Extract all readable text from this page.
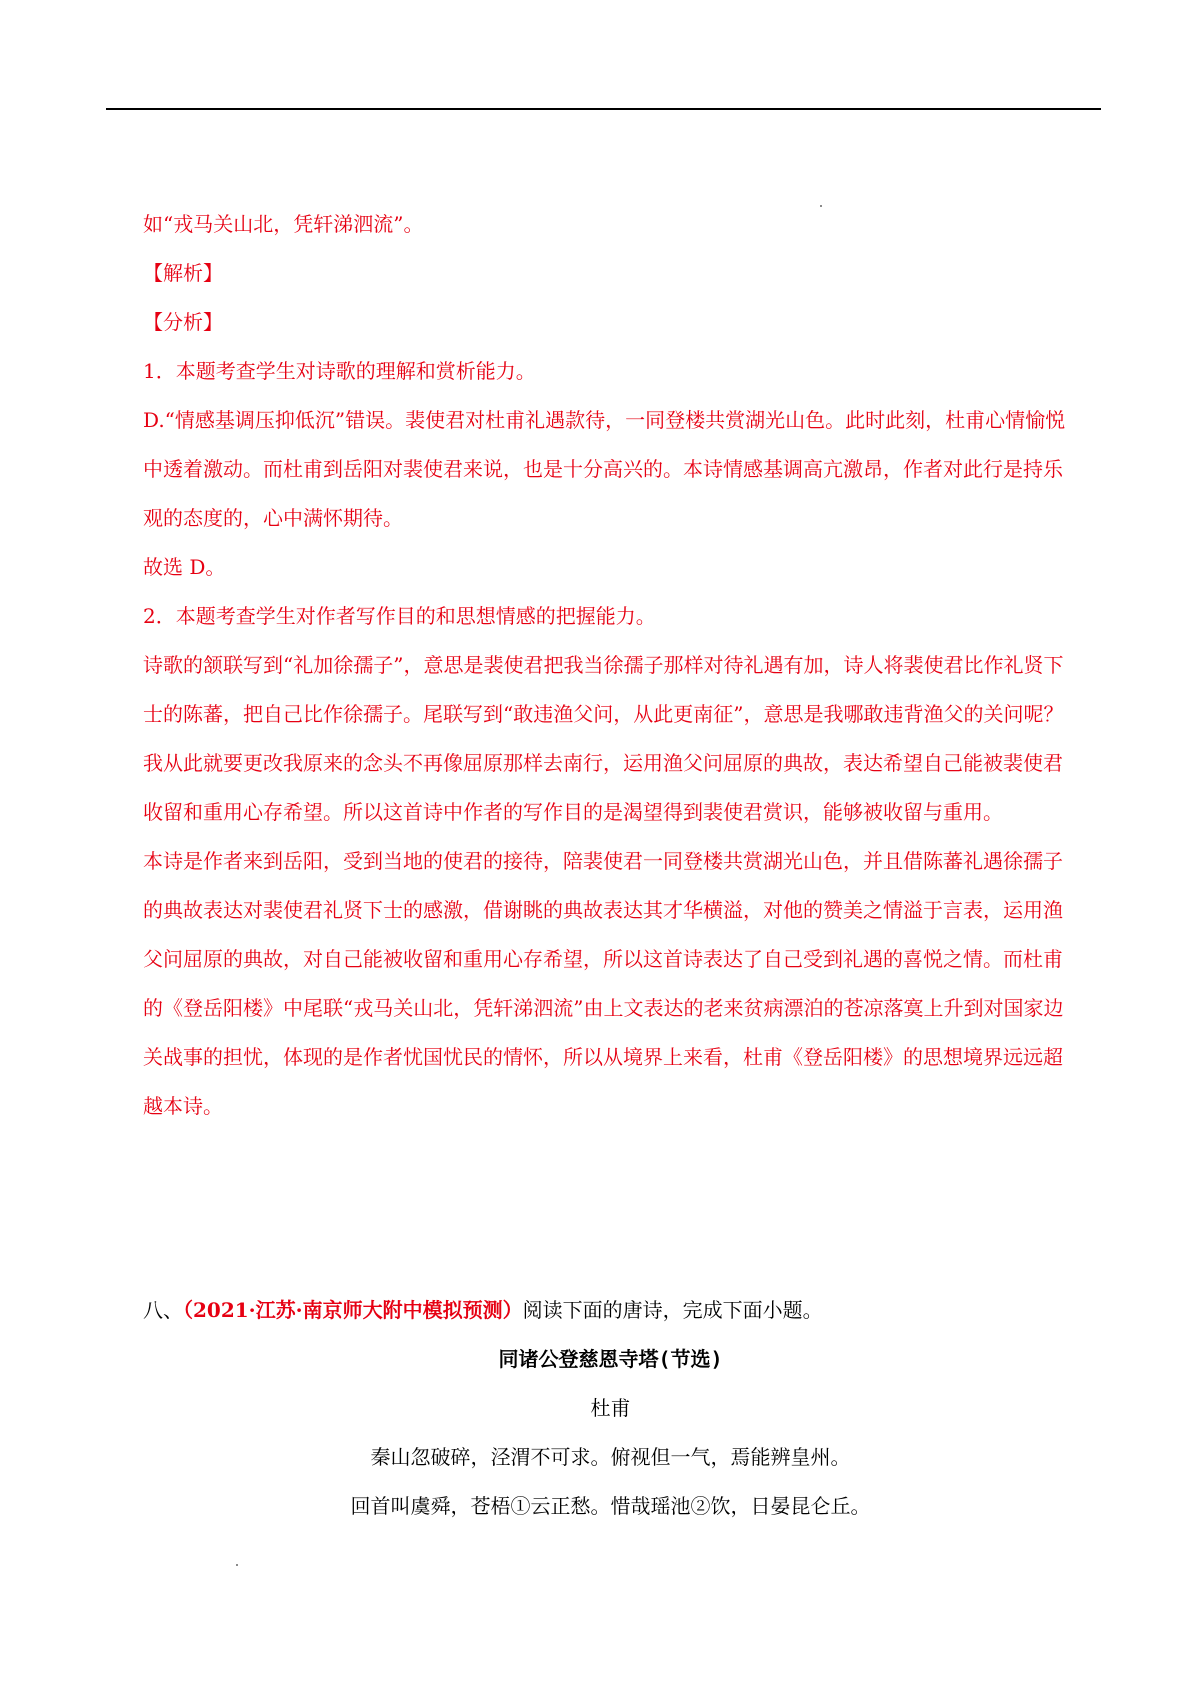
如“戎马关山北，凭轩涕泗流”。

【解析】

【分析】

1．本题考查学生对诗歌的理解和赏析能力。

D.“情感基调压抑低沉”错误。裴使君对杜甫礼遇款待，一同登楼共赏湖光山色。此时此刻，杜甫心情愉悦中透着激动。而杜甫到岳阳对裴使君来说，也是十分高兴的。本诗情感基调高亢激昂，作者对此行是持乐观的态度的，心中满怀期待。

故选 D。

2．本题考查学生对作者写作目的和思想情感的把握能力。

诗歌的颔联写到“礼加徐孺子”，意思是裴使君把我当徐孺子那样对待礼遇有加，诗人将裴使君比作礼贤下士的陈蕃，把自己比作徐孺子。尾联写到“敢违渔父问，从此更南征”，意思是我哪敢违背渔父的关问呢？我从此就要更改我原来的念头不再像屈原那样去南行，运用渔父问屈原的典故，表达希望自己能被裴使君收留和重用心存希望。所以这首诗中作者的写作目的是渴望得到裴使君赏识，能够被收留与重用。

本诗是作者来到岳阳，受到当地的使君的接待，陪裴使君一同登楼共赏湖光山色，并且借陈蕃礼遇徐孺子的典故表达对裴使君礼贤下士的感激，借谢眺的典故表达其才华横溢，对他的赞美之情溢于言表，运用渔父问屈原的典故，对自己能被收留和重用心存希望，所以这首诗表达了自己受到礼遇的喜悦之情。而杜甫的《登岳阳楼》中尾联“戎马关山北，凭轩涕泗流”由上文表达的老来贫病漂泊的苍凉落寞上升到对国家边关战事的担忧，体现的是作者忧国忧民的情怀，所以从境界上来看，杜甫《登岳阳楼》的思想境界远远超越本诗。

八、（2021·江苏·南京师大附中模拟预测）阅读下面的唐诗，完成下面小题。

同诸公登慈恩寺塔(节选)
杜甫
秦山忽破碎，泾渭不可求。俯视但一气，焉能辨皇州。
回首叫虞舜，苍梧①云正愁。惜哉瑶池②饮，日晏昆仑丘。
